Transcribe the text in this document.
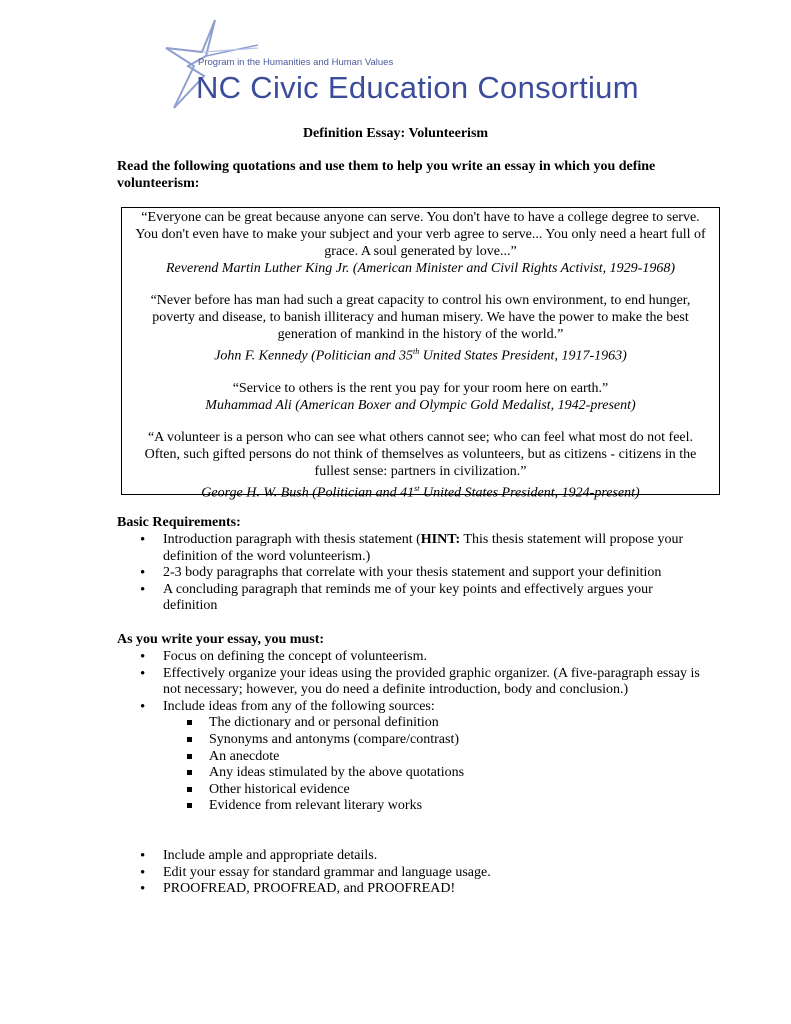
Program in the Humanities and Human Values
NC Civic Education Consortium
Definition Essay: Volunteerism
Read the following quotations and use them to help you write an essay in which you define volunteerism:

“Everyone can be great because anyone can serve. You don't have to have a college degree to serve.

You don't even have to make your subject and your verb agree to serve... You only need a heart full of

grace. A soul generated by love...”

Reverend Martin Luther King Jr. (American Minister and Civil Rights Activist, 1929-1968)

“Never before has man had such a great capacity to control his own environment, to end hunger,

poverty and disease, to banish illiteracy and human misery. We have the power to make the best

generation of mankind in the history of the world.”

John F. Kennedy (Politician and 35th United States President, 1917-1963)

“Service to others is the rent you pay for your room here on earth.”

Muhammad Ali (American Boxer and Olympic Gold Medalist, 1942-present)

“A volunteer is a person who can see what others cannot see; who can feel what most do not feel.

Often, such gifted persons do not think of themselves as volunteers, but as citizens - citizens in the

fullest sense: partners in civilization.”

George H. W. Bush (Politician and 41st United States President, 1924-present)

Basic Requirements:
• Introduction paragraph with thesis statement (HINT: This thesis statement will propose your definition of the word volunteerism.)
• 2-3 body paragraphs that correlate with your thesis statement and support your definition
• A concluding paragraph that reminds me of your key points and effectively argues your definition
As you write your essay, you must:
• Focus on defining the concept of volunteerism.
• Effectively organize your ideas using the provided graphic organizer. (A five-paragraph essay is not necessary; however, you do need a definite introduction, body and conclusion.)
• Include ideas from any of the following sources:
The dictionary and or personal definition
Synonyms and antonyms (compare/contrast)
An anecdote
Any ideas stimulated by the above quotations
Other historical evidence
Evidence from relevant literary works
• Include ample and appropriate details.
• Edit your essay for standard grammar and language usage.
• PROOFREAD, PROOFREAD, and PROOFREAD!
